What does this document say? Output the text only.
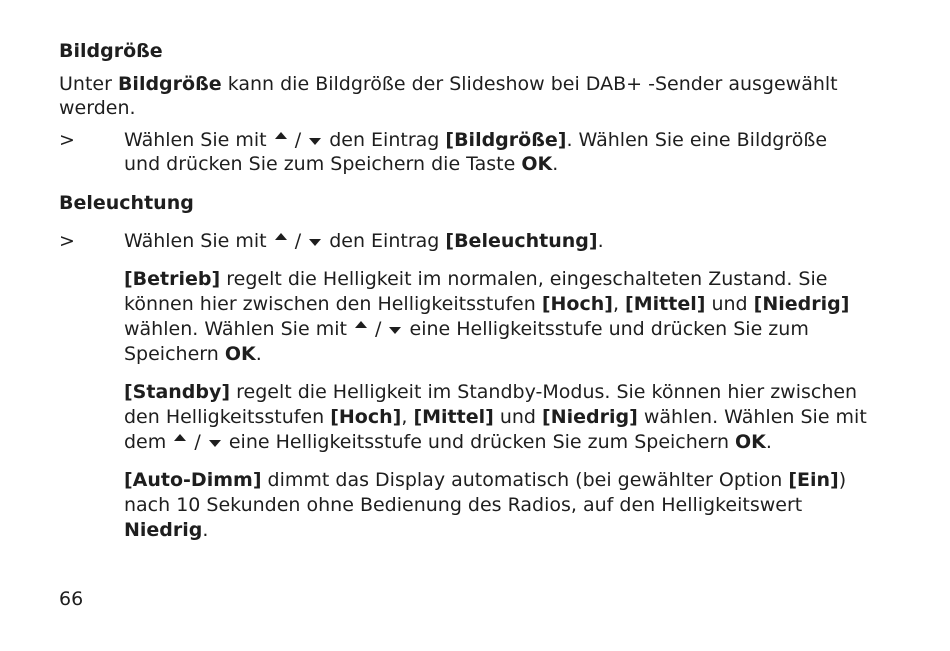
Bildgröße
Unter Bildgröße kann die Bildgröße der Slideshow bei DAB+ -Sender ausgewählt
werden.
>	Wählen Sie mit / den Eintrag [Bildgröße]. Wählen Sie eine Bildgröße
und drücken Sie zum Speichern die Taste OK.
Beleuchtung
>	Wählen Sie mit / den Eintrag [Beleuchtung].
[Betrieb] regelt die Helligkeit im normalen, eingeschalteten Zustand. Sie
können hier zwischen den Helligkeitsstufen [Hoch], [Mittel] und [Niedrig]
wählen. Wählen Sie mit / eine Helligkeitsstufe und drücken Sie zum
Speichern OK.
[Standby] regelt die Helligkeit im Standby-Modus. Sie können hier zwischen
den Helligkeitsstufen [Hoch], [Mittel] und [Niedrig] wählen. Wählen Sie mit
dem / eine Helligkeitsstufe und drücken Sie zum Speichern OK.
[Auto-Dimm] dimmt das Display automatisch (bei gewählter Option [Ein])
nach 10 Sekunden ohne Bedienung des Radios, auf den Helligkeitswert
Niedrig.
66
